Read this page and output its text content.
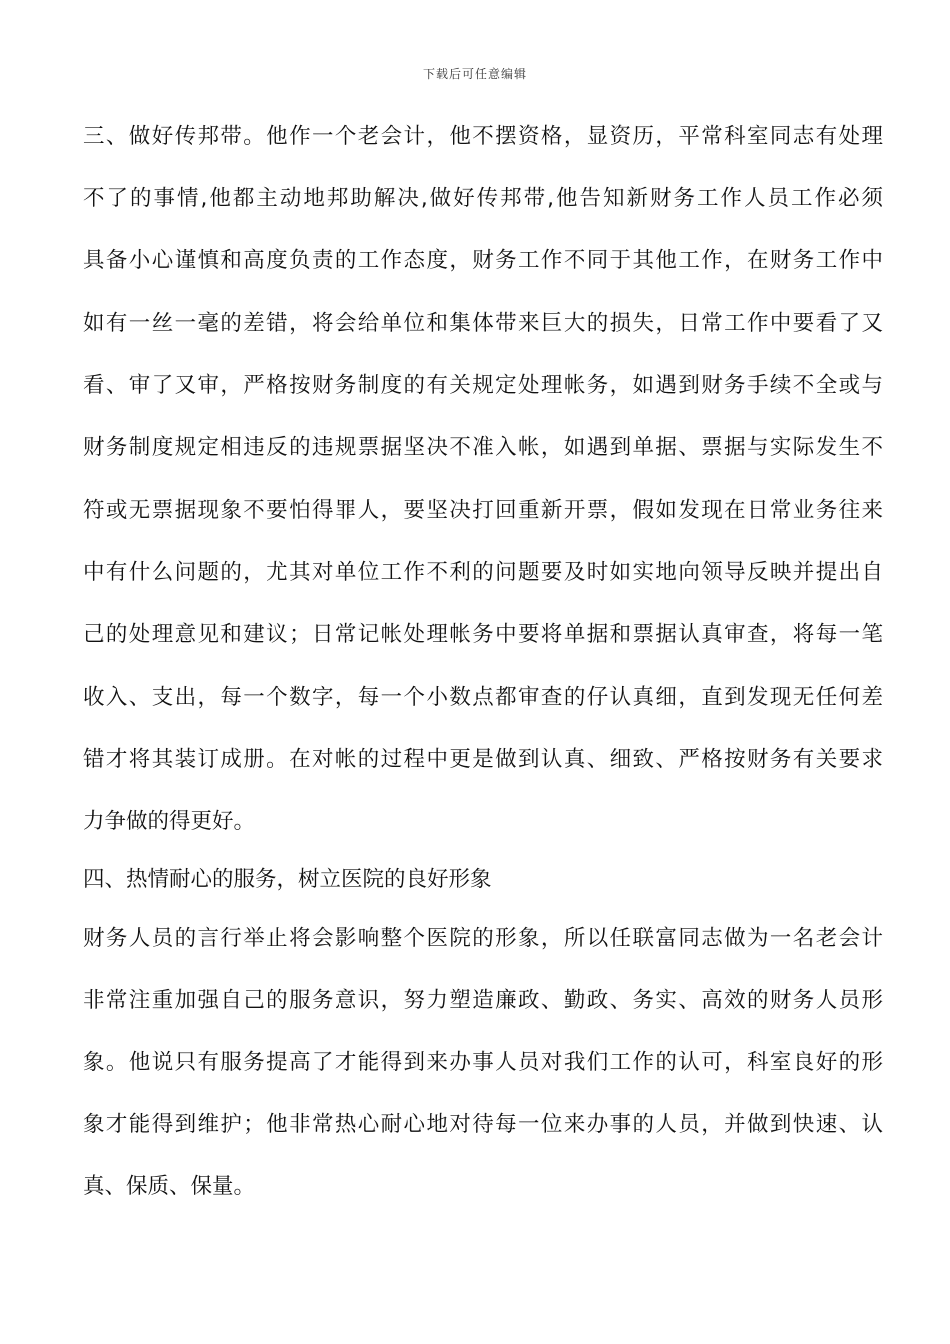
下载后可任意编辑
三、做好传邦带。他作一个老会计，他不摆资格，显资历，平常科室同志有处理
不了的事情,他都主动地邦助解决,做好传邦带,他告知新财务工作人员工作必须
具备小心谨慎和高度负责的工作态度，财务工作不同于其他工作，在财务工作中
如有一丝一毫的差错，将会给单位和集体带来巨大的损失，日常工作中要看了又
看、审了又审，严格按财务制度的有关规定处理帐务，如遇到财务手续不全或与
财务制度规定相违反的违规票据坚决不准入帐，如遇到单据、票据与实际发生不
符或无票据现象不要怕得罪人，要坚决打回重新开票，假如发现在日常业务往来
中有什么问题的，尤其对单位工作不利的问题要及时如实地向领导反映并提出自
己的处理意见和建议；日常记帐处理帐务中要将单据和票据认真审查，将每一笔
收入、支出，每一个数字，每一个小数点都审查的仔认真细，直到发现无任何差
错才将其装订成册。在对帐的过程中更是做到认真、细致、严格按财务有关要求
力争做的得更好。
四、热情耐心的服务，树立医院的良好形象
财务人员的言行举止将会影响整个医院的形象，所以任联富同志做为一名老会计
非常注重加强自己的服务意识，努力塑造廉政、勤政、务实、高效的财务人员形
象。他说只有服务提高了才能得到来办事人员对我们工作的认可，科室良好的形
象才能得到维护；他非常热心耐心地对待每一位来办事的人员，并做到快速、认
真、保质、保量。
